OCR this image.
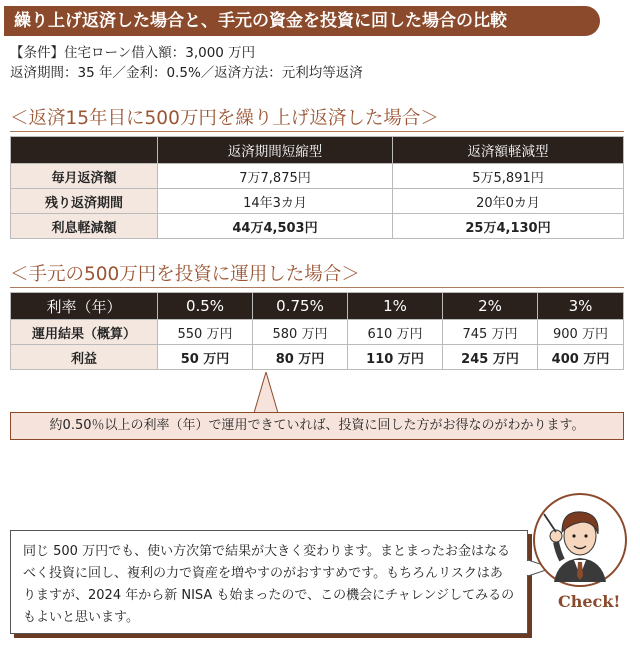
繰り上げ返済した場合と、手元の資金を投資に回した場合の比較
【条件】住宅ローン借入額：3,000 万円
返済期間：35 年／金利：0.5%／返済方法：元利均等返済
＜返済15年目に500万円を繰り上げ返済した場合＞
	返済期間短縮型	返済額軽減型
毎月返済額	7万7,875円	5万5,891円
残り返済期間	14年3カ月	20年0カ月
利息軽減額	44万4,503円	25万4,130円
＜手元の500万円を投資に運用した場合＞
利率（年）	0.5%	0.75%	1%	2%	3%
運用結果（概算）	550 万円	580 万円	610 万円	745 万円	900 万円
利益	50 万円	80 万円	110 万円	245 万円	400 万円
約0.50％以上の利率（年）で運用できていれば、投資に回した方がお得なのがわかります。
同じ 500 万円でも、使い方次第で結果が大きく変わります。まとまったお金はなるべく投資に回し、複利の力で資産を増やすのがおすすめです。もちろんリスクはありますが、2024 年から新 NISA も始まったので、この機会にチャレンジしてみるのもよいと思います。
Check!
